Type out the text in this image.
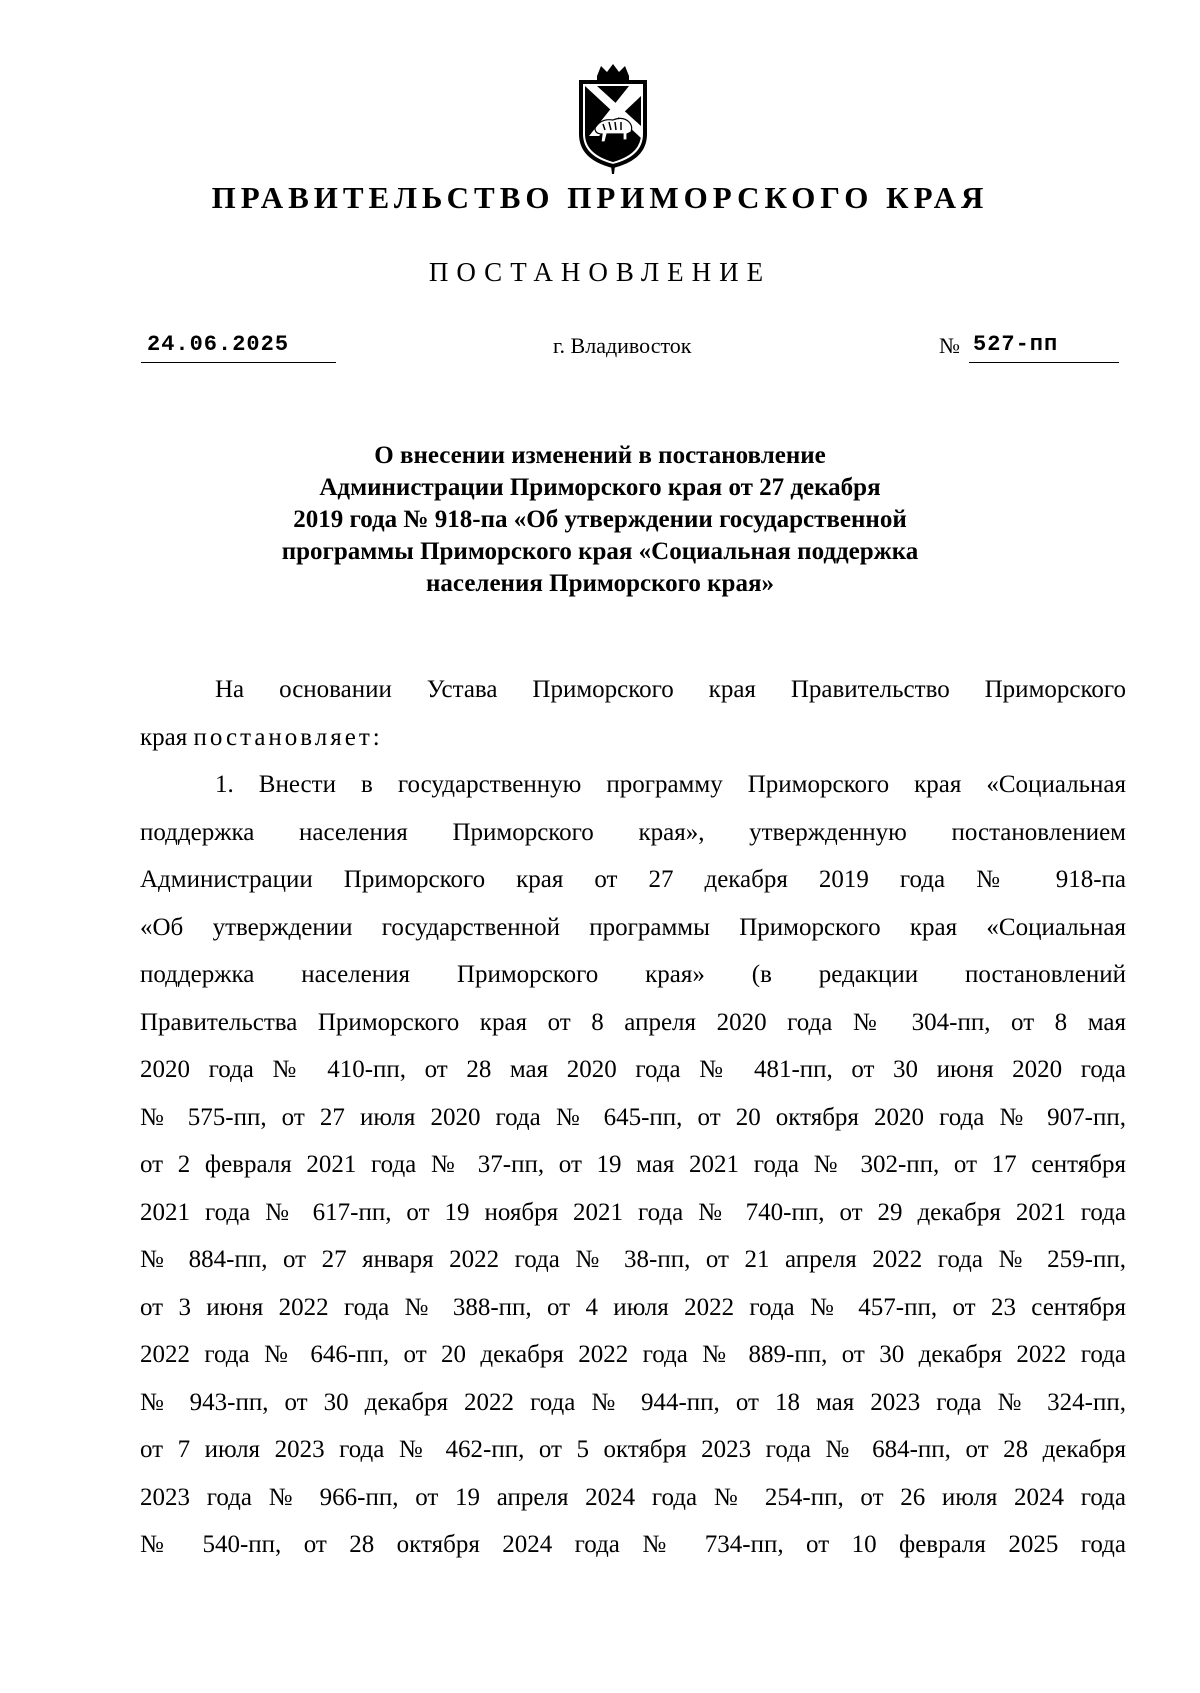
ПРАВИТЕЛЬСТВО ПРИМОРСКОГО КРАЯ
ПОСТАНОВЛЕНИЕ
24.06.2025	г. Владивосток	№ 527-пп
О внесении изменений в постановление
Администрации Приморского края от 27 декабря
2019 года № 918-па «Об утверждении государственной
программы Приморского края «Социальная поддержка
населения Приморского края»
На основании Устава Приморского края Правительство Приморского
края постановляет:
1. Внести в государственную программу Приморского края «Социальная
поддержка населения Приморского края», утвержденную постановлением
Администрации Приморского края от 27 декабря 2019 года № 918-па
«Об утверждении государственной программы Приморского края «Социальная
поддержка населения Приморского края» (в редакции постановлений
Правительства Приморского края от 8 апреля 2020 года № 304-пп, от 8 мая
2020 года № 410-пп, от 28 мая 2020 года № 481-пп, от 30 июня 2020 года
№ 575-пп, от 27 июля 2020 года № 645-пп, от 20 октября 2020 года № 907-пп,
от 2 февраля 2021 года № 37-пп, от 19 мая 2021 года № 302-пп, от 17 сентября
2021 года № 617-пп, от 19 ноября 2021 года № 740-пп, от 29 декабря 2021 года
№ 884-пп, от 27 января 2022 года № 38-пп, от 21 апреля 2022 года № 259-пп,
от 3 июня 2022 года № 388-пп, от 4 июля 2022 года № 457-пп, от 23 сентября
2022 года № 646-пп, от 20 декабря 2022 года № 889-пп, от 30 декабря 2022 года
№ 943-пп, от 30 декабря 2022 года № 944-пп, от 18 мая 2023 года № 324-пп,
от 7 июля 2023 года № 462-пп, от 5 октября 2023 года № 684-пп, от 28 декабря
2023 года № 966-пп, от 19 апреля 2024 года № 254-пп, от 26 июля 2024 года
№ 540-пп, от 28 октября 2024 года № 734-пп, от 10 февраля 2025 года
